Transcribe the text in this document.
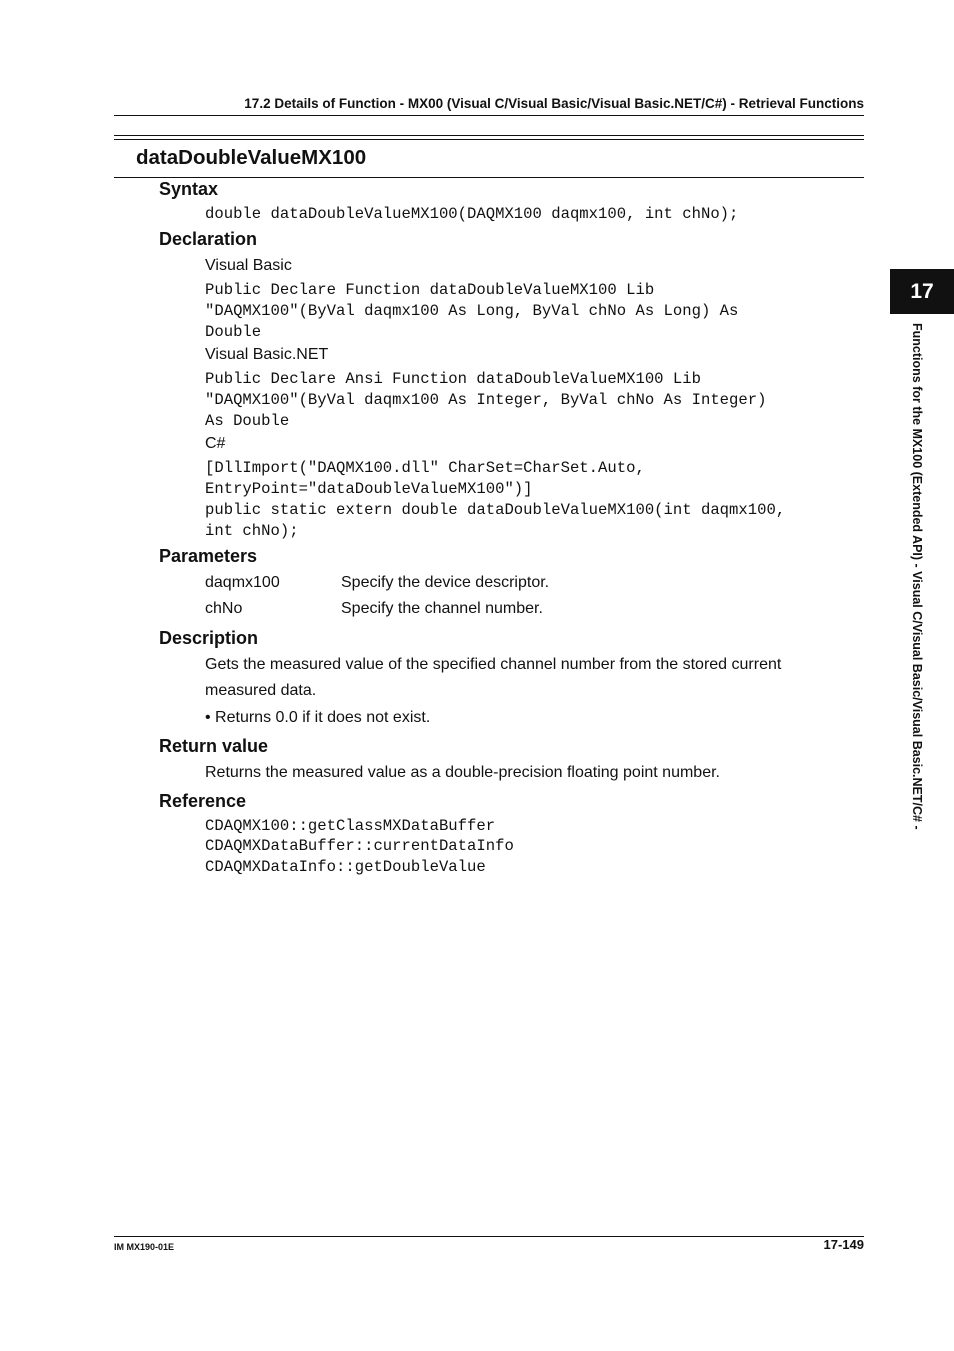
17.2 Details of Function - MX00 (Visual C/Visual Basic/Visual Basic.NET/C#) - Retrieval Functions
dataDoubleValueMX100
Syntax
double dataDoubleValueMX100(DAQMX100 daqmx100, int chNo);
Declaration
Visual Basic
Public Declare Function dataDoubleValueMX100 Lib
"DAQMX100"(ByVal daqmx100 As Long, ByVal chNo As Long) As
Double
Visual Basic.NET
Public Declare Ansi Function dataDoubleValueMX100 Lib
"DAQMX100"(ByVal daqmx100 As Integer, ByVal chNo As Integer)
As Double
C#
[DllImport("DAQMX100.dll" CharSet=CharSet.Auto,
EntryPoint="dataDoubleValueMX100")]
public static extern double dataDoubleValueMX100(int daqmx100,
int chNo);
Parameters
daqmx100	Specify the device descriptor.
chNo	Specify the channel number.
Description
Gets the measured value of the specified channel number from the stored current
measured data.
• Returns 0.0 if it does not exist.
Return value
Returns the measured value as a double-precision floating point number.
Reference
CDAQMX100::getClassMXDataBuffer
CDAQMXDataBuffer::currentDataInfo
CDAQMXDataInfo::getDoubleValue
17
Functions for the MX100 (Extended API) - Visual C/Visual Basic/Visual Basic.NET/C# -
IM MX190-01E	17-149
